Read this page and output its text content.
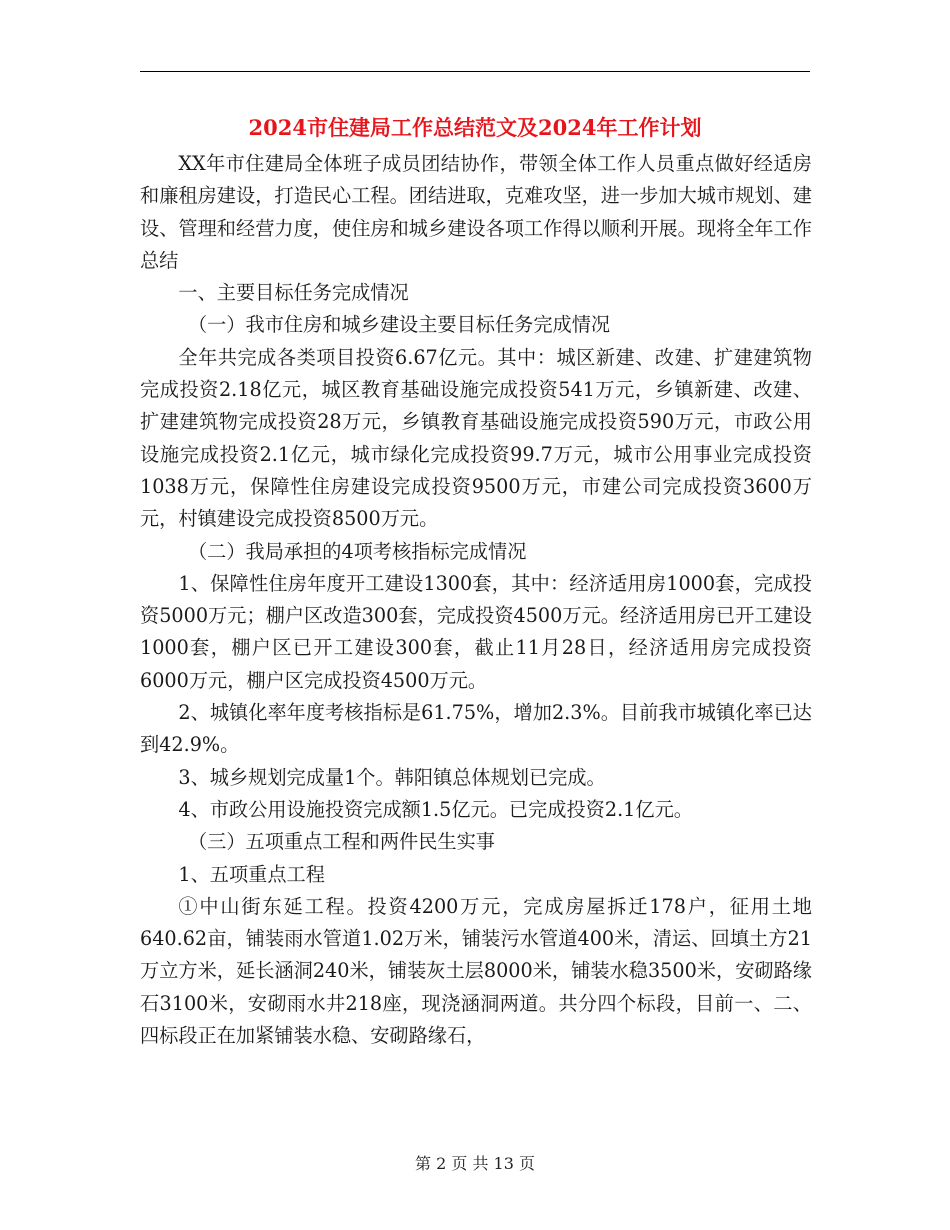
2024市住建局工作总结范文及2024年工作计划

XX年市住建局全体班子成员团结协作，带领全体工作人员重点做好经适房和廉租房建设，打造民心工程。团结进取，克难攻坚，进一步加大城市规划、建设、管理和经营力度，使住房和城乡建设各项工作得以顺利开展。现将全年工作总结

一、主要目标任务完成情况

（一）我市住房和城乡建设主要目标任务完成情况

全年共完成各类项目投资6.67亿元。其中：城区新建、改建、扩建建筑物完成投资2.18亿元，城区教育基础设施完成投资541万元，乡镇新建、改建、扩建建筑物完成投资28万元，乡镇教育基础设施完成投资590万元，市政公用设施完成投资2.1亿元，城市绿化完成投资99.7万元，城市公用事业完成投资1038万元，保障性住房建设完成投资9500万元，市建公司完成投资3600万元，村镇建设完成投资8500万元。

（二）我局承担的4项考核指标完成情况

1、保障性住房年度开工建设1300套，其中：经济适用房1000套，完成投资5000万元；棚户区改造300套，完成投资4500万元。经济适用房已开工建设1000套，棚户区已开工建设300套，截止11月28日，经济适用房完成投资6000万元，棚户区完成投资4500万元。

2、城镇化率年度考核指标是61.75%，增加2.3%。目前我市城镇化率已达到42.9%。

3、城乡规划完成量1个。韩阳镇总体规划已完成。

4、市政公用设施投资完成额1.5亿元。已完成投资2.1亿元。

（三）五项重点工程和两件民生实事

1、五项重点工程

①中山街东延工程。投资4200万元，完成房屋拆迁178户，征用土地640.62亩，铺装雨水管道1.02万米，铺装污水管道400米，清运、回填土方21万立方米，延长涵洞240米，铺装灰土层8000米，铺装水稳3500米，安砌路缘石3100米，安砌雨水井218座，现浇涵洞两道。共分四个标段，目前一、二、四标段正在加紧铺装水稳、安砌路缘石，

第 2 页 共 13 页
